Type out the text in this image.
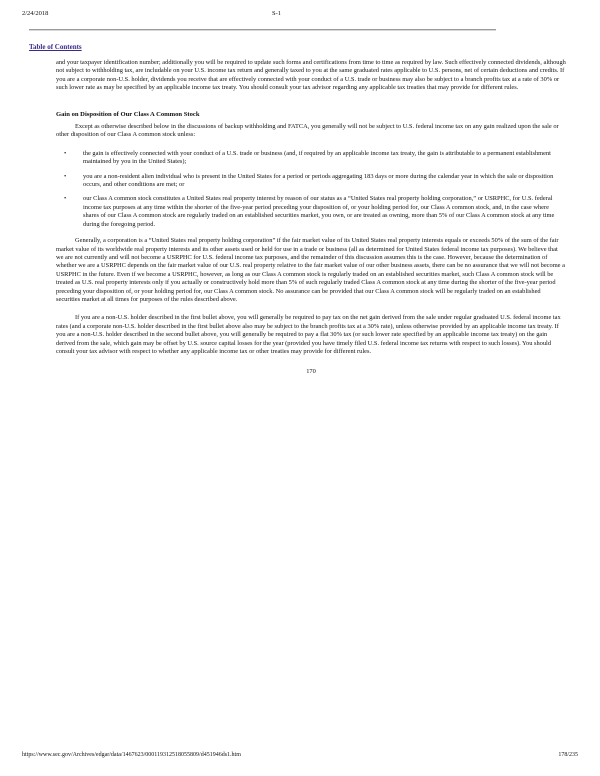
2/24/2018	S-1
Table of Contents

and your taxpayer identification number; additionally you will be required to update such forms and certifications from time to time as required by law. Such effectively connected dividends, although not subject to withholding tax, are includable on your U.S. income tax return and generally taxed to you at the same graduated rates applicable to U.S. persons, net of certain deductions and credits. If you are a corporate non-U.S. holder, dividends you receive that are effectively connected with your conduct of a U.S. trade or business may also be subject to a branch profits tax at a rate of 30% or such lower rate as may be specified by an applicable income tax treaty. You should consult your tax advisor regarding any applicable tax treaties that may provide for different rules.

Gain on Disposition of Our Class A Common Stock

Except as otherwise described below in the discussions of backup withholding and FATCA, you generally will not be subject to U.S. federal income tax on any gain realized upon the sale or other disposition of our Class A common stock unless:

•	the gain is effectively connected with your conduct of a U.S. trade or business (and, if required by an applicable income tax treaty, the gain is attributable to a permanent establishment maintained by you in the United States);
•	you are a non-resident alien individual who is present in the United States for a period or periods aggregating 183 days or more during the calendar year in which the sale or disposition occurs, and other conditions are met; or
•	our Class A common stock constitutes a United States real property interest by reason of our status as a “United States real property holding corporation,” or USRPHC, for U.S. federal income tax purposes at any time within the shorter of the five-year period preceding your disposition of, or your holding period for, our Class A common stock, and, in the case where shares of our Class A common stock are regularly traded on an established securities market, you own, or are treated as owning, more than 5% of our Class A common stock at any time during the foregoing period.

Generally, a corporation is a “United States real property holding corporation” if the fair market value of its United States real property interests equals or exceeds 50% of the sum of the fair market value of its worldwide real property interests and its other assets used or held for use in a trade or business (all as determined for United States federal income tax purposes). We believe that we are not currently and will not become a USRPHC for U.S. federal income tax purposes, and the remainder of this discussion assumes this is the case. However, because the determination of whether we are a USRPHC depends on the fair market value of our U.S. real property relative to the fair market value of our other business assets, there can be no assurance that we will not become a USRPHC in the future. Even if we become a USRPHC, however, as long as our Class A common stock is regularly traded on an established securities market, such Class A common stock will be treated as U.S. real property interests only if you actually or constructively hold more than 5% of such regularly traded Class A common stock at any time during the shorter of the five-year period preceding your disposition of, or your holding period for, our Class A common stock. No assurance can be provided that our Class A common stock will be regularly traded on an established securities market at all times for purposes of the rules described above.

If you are a non-U.S. holder described in the first bullet above, you will generally be required to pay tax on the net gain derived from the sale under regular graduated U.S. federal income tax rates (and a corporate non-U.S. holder described in the first bullet above also may be subject to the branch profits tax at a 30% rate), unless otherwise provided by an applicable income tax treaty. If you are a non-U.S. holder described in the second bullet above, you will generally be required to pay a flat 30% tax (or such lower rate specified by an applicable income tax treaty) on the gain derived from the sale, which gain may be offset by U.S. source capital losses for the year (provided you have timely filed U.S. federal income tax returns with respect to such losses). You should consult your tax advisor with respect to whether any applicable income tax or other treaties may provide for different rules.

170
https://www.sec.gov/Archives/edgar/data/1467623/000119312518055809/d451946ds1.htm	178/235
